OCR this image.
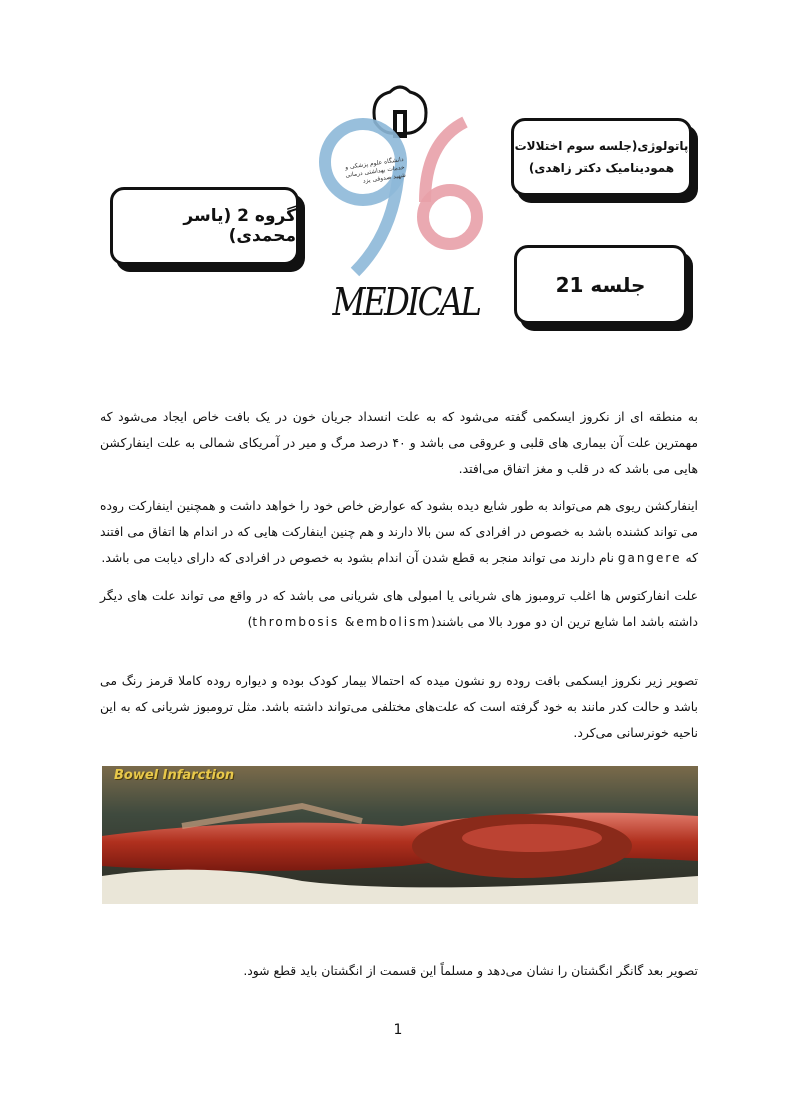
پاتولوژی(جلسه سوم اختلالات
همودینامیک دکتر زاهدی)
گروه 2 (یاسر محمدی)
جلسه 21
دانشگاه علوم پزشکی و خدمات بهداشتی درمانی شهید صدوقی یزد
MEDICAL
به منطقه ای از نکروز ایسکمی گفته می‌شود که به علت انسداد جریان خون در یک بافت خاص ایجاد می‌شود که مهمترین علت آن بیماری های قلبی و عروقی می باشد و ۴۰ درصد مرگ و میر در آمریکای شمالی به علت اینفارکشن هایی می باشد که در قلب و مغز اتفاق می‌افتد.
اینفارکشن ریوی هم می‌تواند به طور شایع دیده بشود که عوارض خاص خود را خواهد داشت و همچنین اینفارکت روده می تواند کشنده باشد به خصوص در افرادی که سن بالا دارند و هم چنین اینفارکت هایی که در اندام ها اتفاق می افتند که gangere نام دارند می تواند منجر به قطع شدن آن اندام بشود به خصوص در افرادی که دارای دیابت می باشد.
علت انفارکتوس ها اغلب ترومبوز های شریانی یا امبولی های شریانی می باشد که در واقع می تواند علت های دیگر داشته باشد اما شایع ترین ان دو مورد بالا می باشند(thrombosis &embolism)
تصویر زیر نکروز ایسکمی بافت روده رو نشون میده که احتمالا بیمار کودک بوده و دیواره روده کاملا قرمز رنگ می باشد و حالت کدر مانند به خود گرفته است که علت‌های مختلفی می‌تواند داشته باشد. مثل ترومبوز شریانی که به این ناحیه خونرسانی می‌کرد.
Bowel Infarction
تصویر بعد گانگر انگشتان را نشان می‌دهد و مسلماً این قسمت از انگشتان باید قطع شود.
1
